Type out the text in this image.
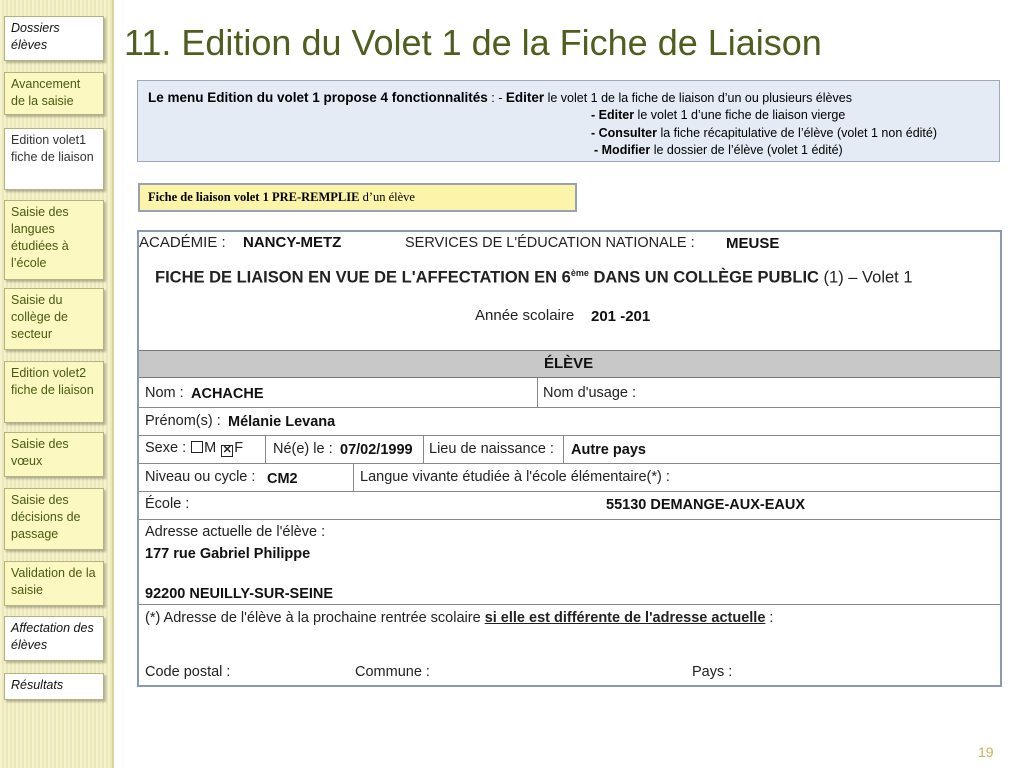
Dossiers élèves
Avancement de la saisie
Edition volet1 fiche de liaison
Saisie des langues étudiées à l’école
Saisie du collège de secteur
Edition volet2 fiche de liaison
Saisie des vœux
Saisie des décisions de passage
Validation de la saisie
Affectation des élèves
Résultats
11. Edition du Volet 1 de la Fiche de Liaison
Le menu Edition du volet 1 propose 4 fonctionnalités : - Editer le volet 1 de la fiche de liaison d’un ou plusieurs élèves
- Editer le volet 1 d’une fiche de liaison vierge
- Consulter la fiche récapitulative de l’élève (volet 1 non édité)
- Modifier le dossier de l’élève (volet 1 édité)
Fiche de liaison volet 1 PRE-REMPLIE d’un élève
ACADÉMIE : NANCY-METZ	SERVICES DE L'ÉDUCATION NATIONALE : MEUSE
FICHE DE LIAISON EN VUE DE L'AFFECTATION EN 6ème DANS UN COLLÈGE PUBLIC (1) – Volet 1
Année scolaire 201 -201
ÉLÈVE
Nom : ACHACHE	Nom d'usage :
Prénom(s) : Mélanie Levana
Sexe : M ✕ F Né(e) le : 07/02/1999 Lieu de naissance : Autre pays
Niveau ou cycle : CM2	Langue vivante étudiée à l'école élémentaire(*) :
École :	55130 DEMANGE-AUX-EAUX
Adresse actuelle de l'élève :
177 rue Gabriel Philippe
92200 NEUILLY-SUR-SEINE
(*) Adresse de l'élève à la prochaine rentrée scolaire si elle est différente de l'adresse actuelle :
Code postal :	Commune :	Pays :
19
